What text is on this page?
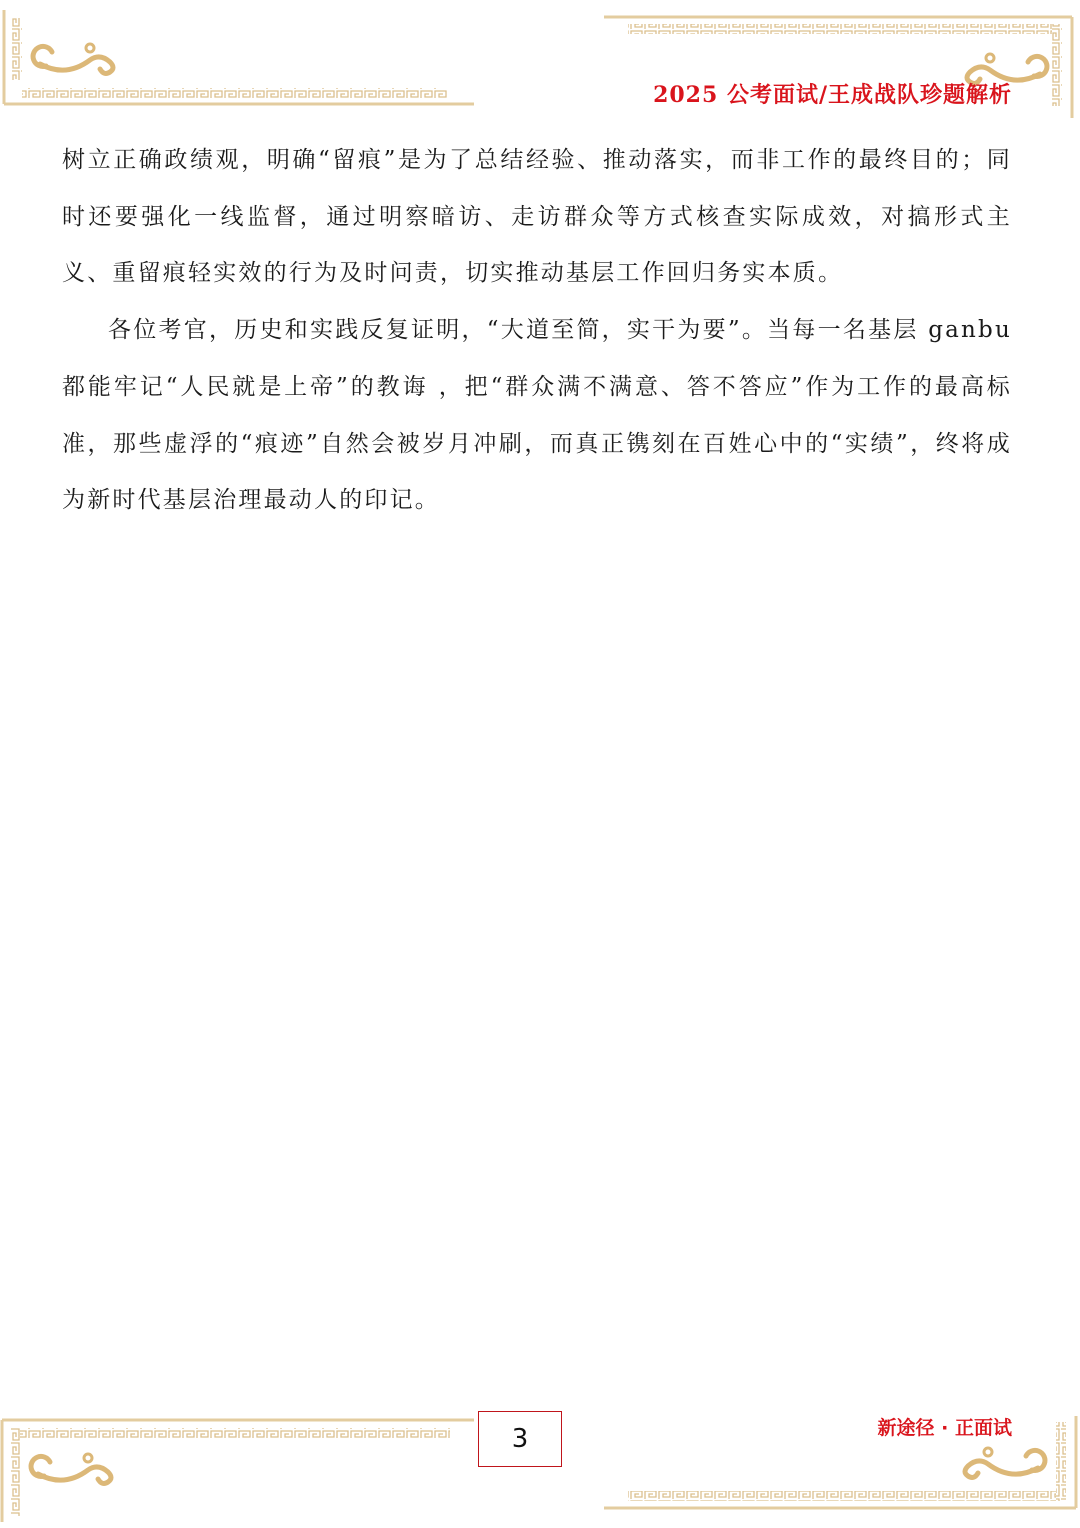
2025 公考面试/王成战队珍题解析

树立正确政绩观，明确“留痕”是为了总结经验、推动落实，而非工作的最终目的；同时还要强化一线监督，通过明察暗访、走访群众等方式核查实际成效，对搞形式主义、重留痕轻实效的行为及时问责，切实推动基层工作回归务实本质。

各位考官，历史和实践反复证明，“大道至简，实干为要”。当每一名基层 ganbu 都能牢记“人民就是上帝”的教诲 ，把“群众满不满意、答不答应”作为工作的最高标准，那些虚浮的“痕迹”自然会被岁月冲刷，而真正镌刻在百姓心中的“实绩”，终将成为新时代基层治理最动人的印记。

3	新途径 · 正面试
